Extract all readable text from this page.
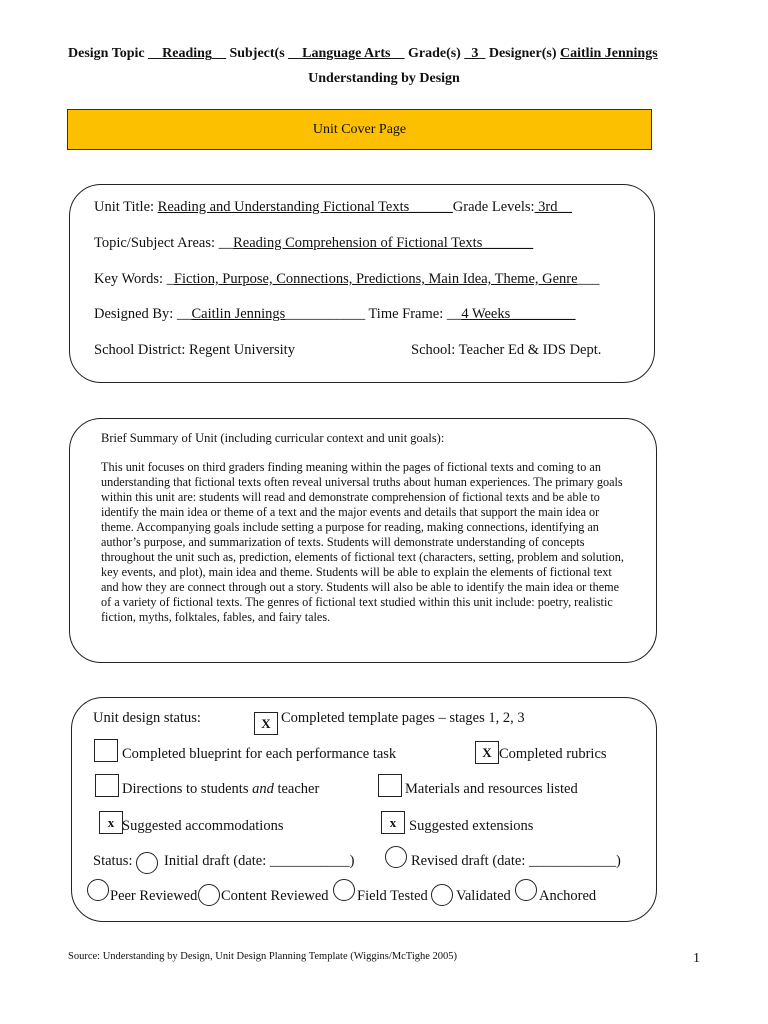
Design Topic __Reading__ Subject(s __Language Arts__ Grade(s) _3_ Designer(s) Caitlin Jennings
Understanding by Design
Unit Cover Page
Unit Title: Reading and Understanding Fictional Texts______Grade Levels: 3rd__
Topic/Subject Areas: __Reading Comprehension of Fictional Texts_______
Key Words: _Fiction, Purpose, Connections, Predictions, Main Idea, Theme, Genre___
Designed By: __Caitlin Jennings___________ Time Frame: __4 Weeks_________
School District: Regent University	School: Teacher Ed & IDS Dept.
Brief Summary of Unit (including curricular context and unit goals):
This unit focuses on third graders finding meaning within the pages of fictional texts and coming to an understanding that fictional texts often reveal universal truths about human experiences. The primary goals within this unit are: students will read and demonstrate comprehension of fictional texts and be able to identify the main idea or theme of a text and the major events and details that support the main idea or theme. Accompanying goals include setting a purpose for reading, making connections, identifying an author’s purpose, and summarization of texts. Students will demonstrate understanding of concepts throughout the unit such as, prediction, elements of fictional text (characters, setting, problem and solution, key events, and plot), main idea and theme. Students will be able to explain the elements of fictional text and how they are connect through out a story. Students will also be able to identify the main idea or theme of a variety of fictional texts. The genres of fictional text studied within this unit include: poetry, realistic fiction, myths, folktales, fables, and fairy tales.
Unit design status:	X Completed template pages – stages 1, 2, 3
Completed blueprint for each performance task	X Completed rubrics
Directions to students and teacher	Materials and resources listed
x Suggested accommodations	x Suggested extensions
Status: Initial draft (date: ___________)	Revised draft (date: ____________)
Peer Reviewed Content Reviewed Field Tested Validated Anchored
Source: Understanding by Design, Unit Design Planning Template (Wiggins/McTighe 2005)	1
